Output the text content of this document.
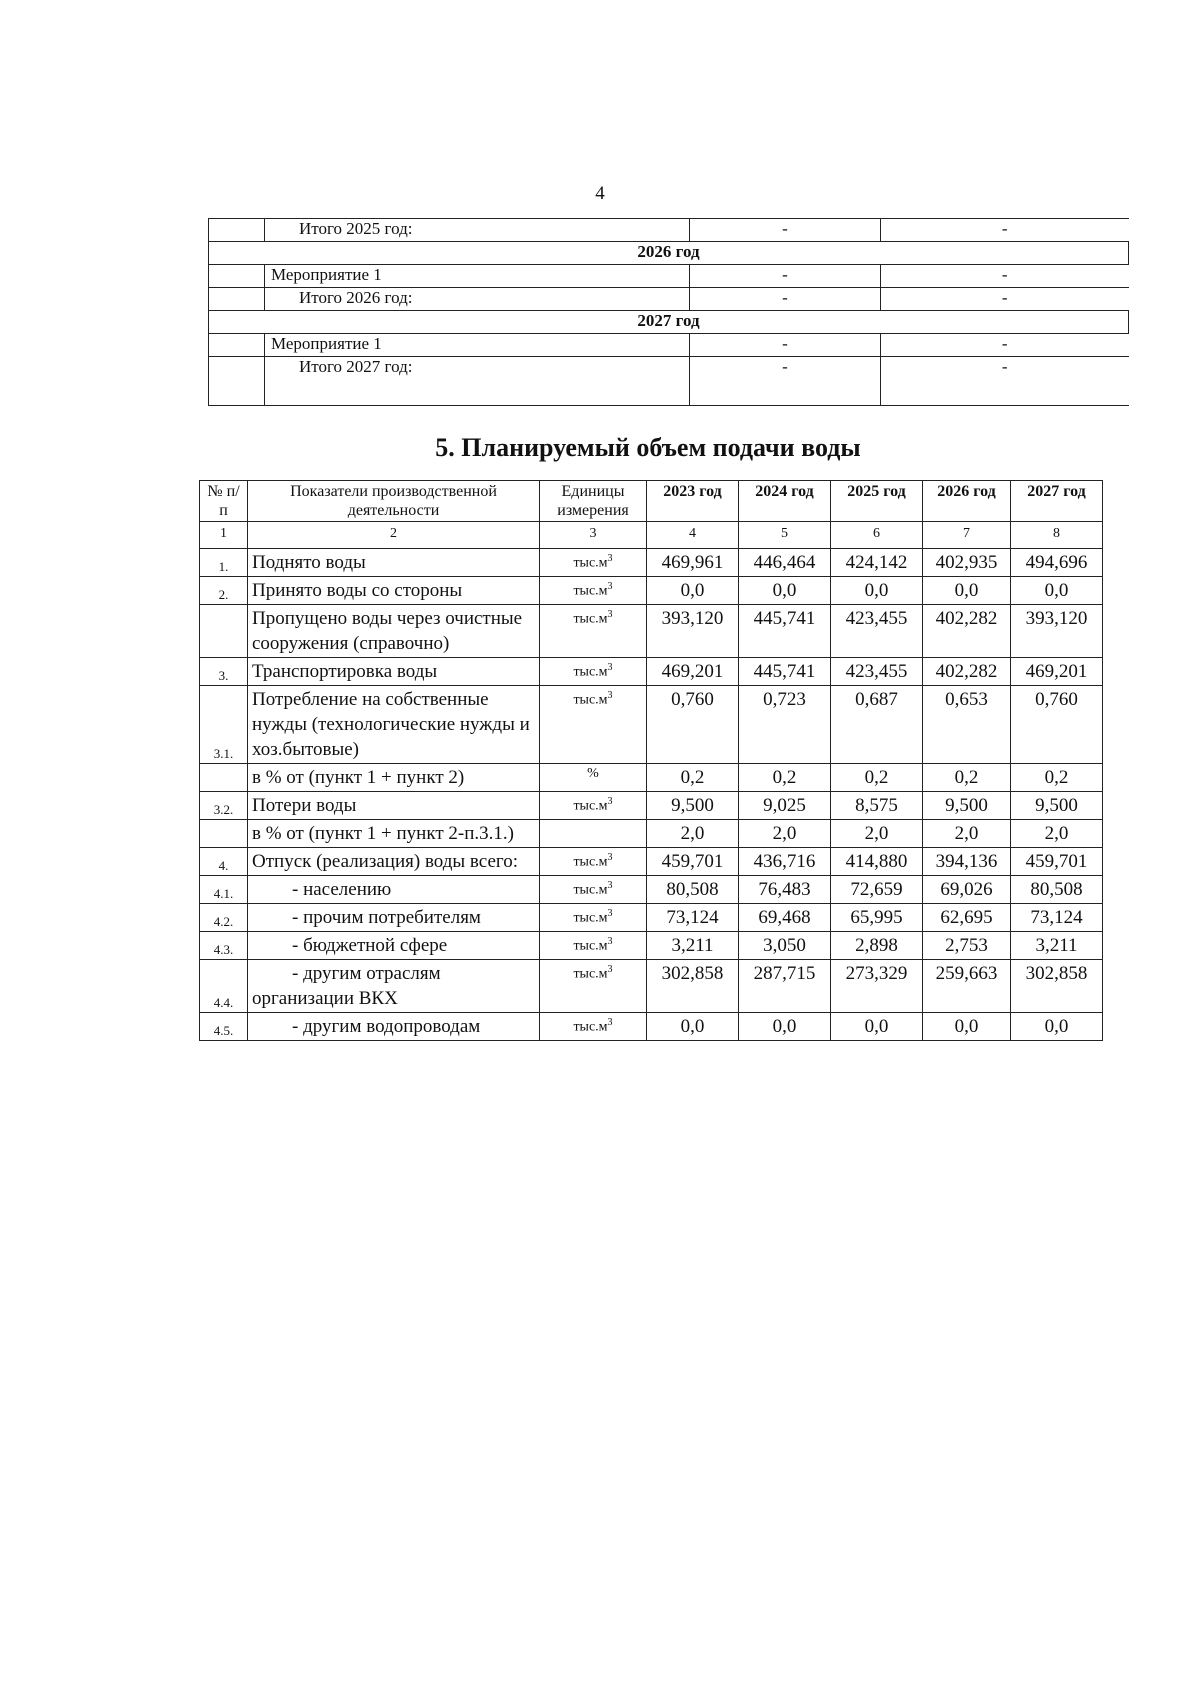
4
	Итого 2025 год:	-	-
2026 год			
	Мероприятие 1	-	-
	Итого 2026 год:	-	-
2027 год			
	Мероприятие 1	-	-
	Итого 2027 год:	-	-
5. Планируемый объем подачи воды
№ п/п	Показатели производственной деятельности	Единицы измерения	2023 год	2024 год	2025 год	2026 год	2027 год
1	2	3	4	5	6	7	8
1.	Поднято воды	$тыс.м^3$	469,961	446,464	424,142	402,935	494,696
2.	Принято воды со стороны	$тыс.м^3$	0,0	0,0	0,0	0,0	0,0
	Пропущено воды через очистные сооружения (справочно)	$тыс.м^3$	393,120	445,741	423,455	402,282	393,120
3.	Транспортировка воды	$тыс.м^3$	469,201	445,741	423,455	402,282	469,201
3.1.	Потребление на собственные нужды (технологические нужды и хоз.бытовые)	$тыс.м^3$	0,760	0,723	0,687	0,653	0,760
	в % от (пункт 1 + пункт 2)	%	0,2	0,2	0,2	0,2	0,2
3.2.	Потери воды	$тыс.м^3$	9,500	9,025	8,575	9,500	9,500
	в % от (пункт 1 + пункт 2-п.3.1.)		2,0	2,0	2,0	2,0	2,0
4.	Отпуск (реализация) воды всего:	$тыс.м^3$	459,701	436,716	414,880	394,136	459,701
4.1.	- населению	$тыс.м^3$	80,508	76,483	72,659	69,026	80,508
4.2.	- прочим потребителям	$тыс.м^3$	73,124	69,468	65,995	62,695	73,124
4.3.	- бюджетной сфере	$тыс.м^3$	3,211	3,050	2,898	2,753	3,211
4.4.	- другим отраслям организации ВКХ	$тыс.м^3$	302,858	287,715	273,329	259,663	302,858
4.5.	- другим водопроводам	$тыс.м^3$	0,0	0,0	0,0	0,0	0,0
